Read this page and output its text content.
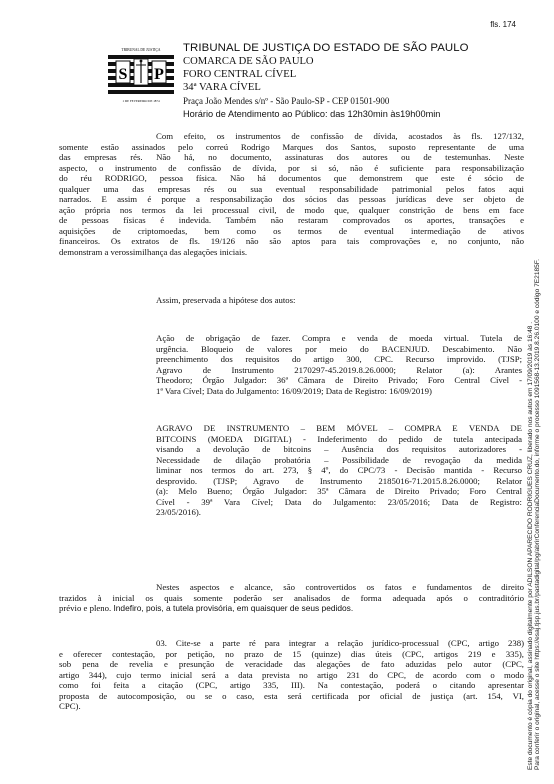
fls. 174
TRIBUNAL DE JUSTIÇA
S P
1 DE FEVEREIRO DE 1874
TRIBUNAL DE JUSTIÇA DO ESTADO DE SÃO PAULO
COMARCA DE SÃO PAULO
FORO CENTRAL CÍVEL
34ª VARA CÍVEL
Praça João Mendes s/nº - São Paulo-SP - CEP 01501-900
Horário de Atendimento ao Público: das 12h30min às19h00min
Com efeito, os instrumentos de confissão de dívida, acostados às fls. 127/132,
somente estão assinados pelo correú Rodrigo Marques dos Santos, suposto representante de uma
das empresas rés. Não há, no documento, assinaturas dos autores ou de testemunhas. Neste
aspecto, o instrumento de confissão de dívida, por si só, não é suficiente para responsabilização
do réu RODRIGO, pessoa física. Não há documentos que demonstrem que este é sócio de
qualquer uma das empresas rés ou sua eventual responsabilidade patrimonial pelos fatos aqui
narrados. E assim é porque a responsabilização dos sócios das pessoas jurídicas deve ser objeto de
ação própria nos termos da lei processual civil, de modo que, qualquer constrição de bens em face
de pessoas físicas é indevida. Também não restaram comprovados os aportes, transações e
aquisições de criptomoedas, bem como os termos de eventual intermediação de ativos
financeiros. Os extratos de fls. 19/126 não são aptos para tais comprovações e, no conjunto, não
demonstram a verossimilhança das alegações iniciais.
Assim, preservada a hipótese dos autos:
Ação de obrigação de fazer. Compra e venda de moeda virtual. Tutela de
urgência. Bloqueio de valores por meio do BACENJUD. Descabimento. Não
preenchimento dos requisitos do artigo 300, CPC. Recurso improvido. (TJSP;
Agravo de Instrumento 2170297-45.2019.8.26.0000; Relator (a): Arantes
Theodoro; Órgão Julgador: 36ª Câmara de Direito Privado; Foro Central Cível -
1ª Vara Cível; Data do Julgamento: 16/09/2019; Data de Registro: 16/09/2019)
AGRAVO DE INSTRUMENTO – BEM MÓVEL – COMPRA E VENDA DE
BITCOINS (MOEDA DIGITAL) - Indeferimento do pedido de tutela antecipada
visando a devolução de bitcoins – Ausência dos requisitos autorizadores -
Necessidade de dilação probatória – Possibilidade de revogação da medida
liminar nos termos do art. 273, § 4º, do CPC/73 - Decisão mantida - Recurso
desprovido. (TJSP; Agravo de Instrumento 2185016-71.2015.8.26.0000; Relator
(a): Melo Bueno; Órgão Julgador: 35ª Câmara de Direito Privado; Foro Central
Cível - 39ª Vara Cível; Data do Julgamento: 23/05/2016; Data de Registro:
23/05/2016).
Nestes aspectos e alcance, são controvertidos os fatos e fundamentos de direito
trazidos à inicial os quais somente poderão ser analisados de forma adequada após o contraditório
prévio e pleno. Indefiro, pois, a tutela provisória, em quaisquer de seus pedidos.
03. Cite-se a parte ré para integrar a relação jurídico-processual (CPC, artigo 238)
e oferecer contestação, por petição, no prazo de 15 (quinze) dias úteis (CPC, artigos 219 e 335),
sob pena de revelia e presunção de veracidade das alegações de fato aduzidas pelo autor (CPC,
artigo 344), cujo termo inicial será a data prevista no artigo 231 do CPC, de acordo com o modo
como foi feita a citação (CPC, artigo 335, III). Na contestação, poderá o citando apresentar
proposta de autocomposição, ou se o caso, esta será certificada por oficial de justiça (art. 154, VI,
CPC).	Este documento é cópia do original, assinado digitalmente por ADILSON APARECIDO RODRIGUES CRUZ, liberado nos autos em 17/09/2019 às 16:48 . Para conferir o original, acesse o site https://esaj.tjsp.jus.br/pastadigital/pg/abrirConferenciaDocumento.do, informe o processo 1091568-13.2019.8.26.0100 e código 7E2185F.
